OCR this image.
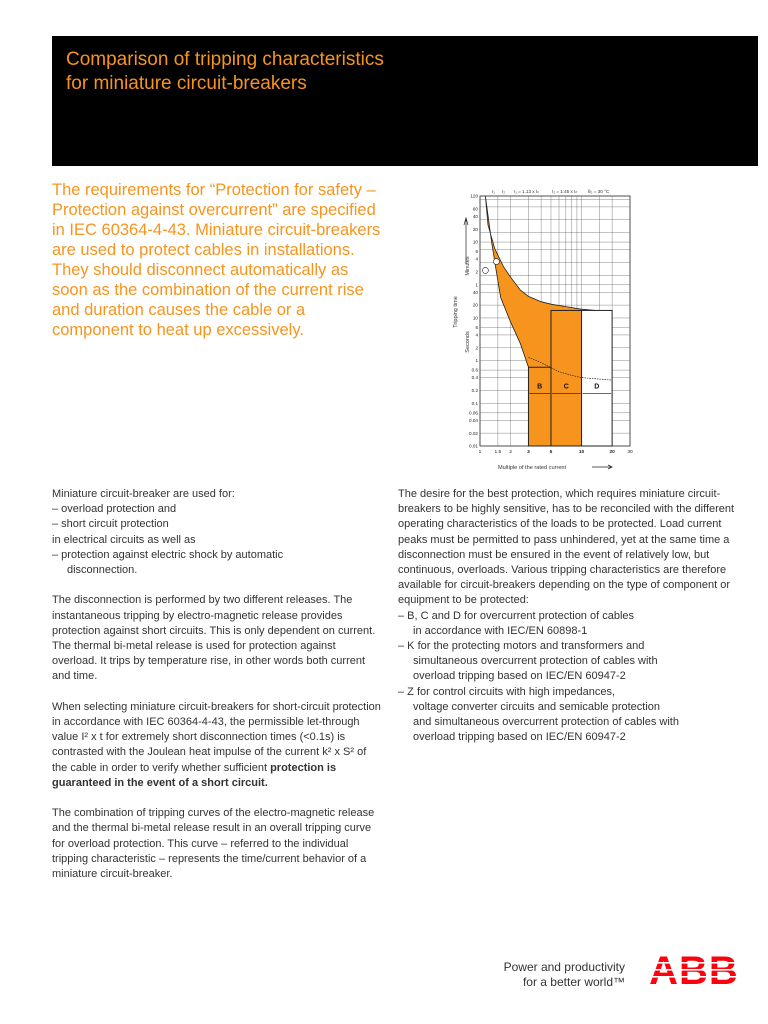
Comparison of tripping characteristics
for miniature circuit-breakers

The requirements for “Protection for safety – Protection against overcurrent” are specified in IEC 60364-4-43. Miniature circuit-breakers are used to protect cables in installations. They should disconnect automatically as soon as the combination of the current rise and duration causes the cable or a component to heat up excessively.

I₁ I₂ I₁ = 1.13 x Iₙ	I₂ = 1.45 x Iₙ θ₀ = 30 °C
Tripping time
Minutes
Seconds
B	C	D
120
60
40
20
10
6
4
2
1
40
20
10
6
4
2
1
0.6
0.4
0.2
0.1
0.06
0.04
0.02
0.01
1	1.5 2	3	5	10	20	30
Multiple of the rated current

Miniature circuit-breaker are used for:
– overload protection and
– short circuit protection
in electrical circuits as well as
– protection against electric shock by automatic
disconnection.

The disconnection is performed by two different releases. The instantaneous tripping by electro-magnetic release provides protection against short circuits. This is only dependent on current. The thermal bi-metal release is used for protection against overload. It trips by temperature rise, in other words both current and time.

When selecting miniature circuit-breakers for short-circuit protection in accordance with IEC 60364-4-43, the permissible let-through value I² x t for extremely short disconnection times (<0.1s) is contrasted with the Joulean heat impulse of the current k² x S² of the cable in order to verify whether sufficient protection is guaranteed in the event of a short circuit.

The combination of tripping curves of the electro-magnetic release and the thermal bi-metal release result in an overall tripping curve for overload protection. This curve – referred to the individual tripping characteristic – represents the time/current behavior of a miniature circuit-breaker.

The desire for the best protection, which requires miniature circuit-breakers to be highly sensitive, has to be reconciled with the different operating characteristics of the loads to be protected. Load current peaks must be permitted to pass unhindered, yet at the same time a disconnection must be ensured in the event of relatively low, but continuous, overloads. Various tripping characteristics are therefore available for circuit-breakers depending on the type of component or equipment to be protected:

– B, C and D for overcurrent protection of cables
in accordance with IEC/EN 60898-1
– K for the protecting motors and transformers and
simultaneous overcurrent protection of cables with
overload tripping based on IEC/EN 60947-2
– Z for control circuits with high impedances,
voltage converter circuits and semicable protection
and simultaneous overcurrent protection of cables with
overload tripping based on IEC/EN 60947-2
Power and productivity
for a better world™
